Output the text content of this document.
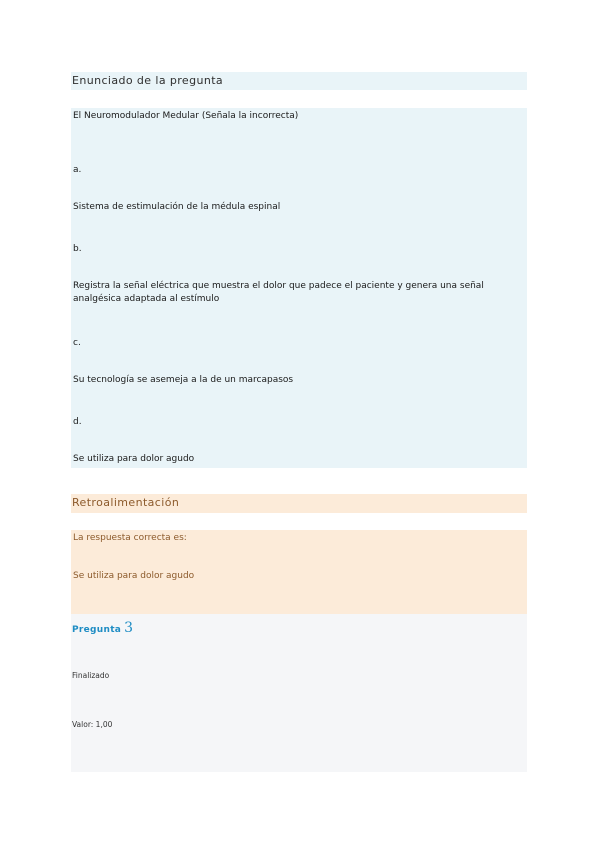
Enunciado de la pregunta
El Neuromodulador Medular (Señala la incorrecta)
a.
Sistema de estimulación de la médula espinal
b.
Registra la señal eléctrica que muestra el dolor que padece el paciente y genera una señal analgésica adaptada al estímulo
c.
Su tecnología se asemeja a la de un marcapasos
d.
Se utiliza para dolor agudo
Retroalimentación
La respuesta correcta es:
Se utiliza para dolor agudo
Pregunta 3
Finalizado
Valor: 1,00
